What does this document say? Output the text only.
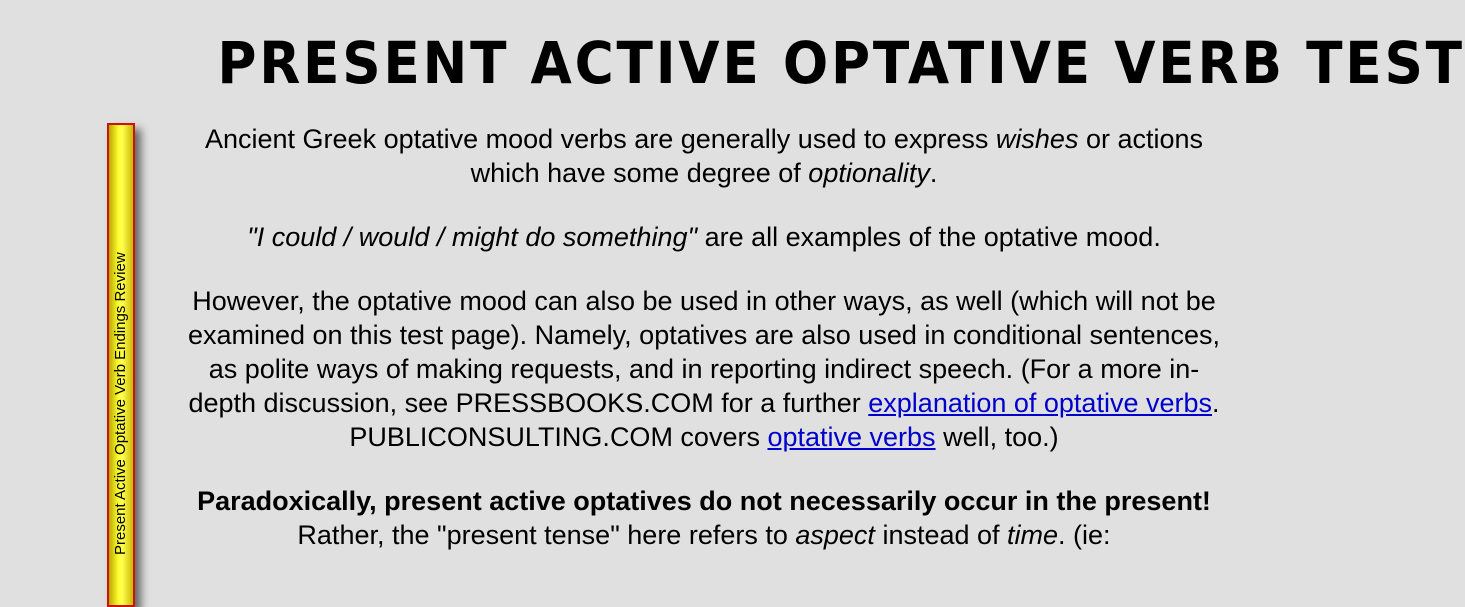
Present Active Optative Verb Endings Review
PRESENT ACTIVE OPTATIVE VERB TEST

Ancient Greek optative mood verbs are generally used to express wishes or actions which have some degree of optionality.

"I could / would / might do something" are all examples of the optative mood.

However, the optative mood can also be used in other ways, as well (which will not be examined on this test page). Namely, optatives are also used in conditional sentences, as polite ways of making requests, and in reporting indirect speech. (For a more in-depth discussion, see PRESSBOOKS.COM for a further explanation of optative verbs. PUBLICONSULTING.COM covers optative verbs well, too.)

Paradoxically, present active optatives do not necessarily occur in the present! Rather, the "present tense" here refers to aspect instead of time. (ie:
